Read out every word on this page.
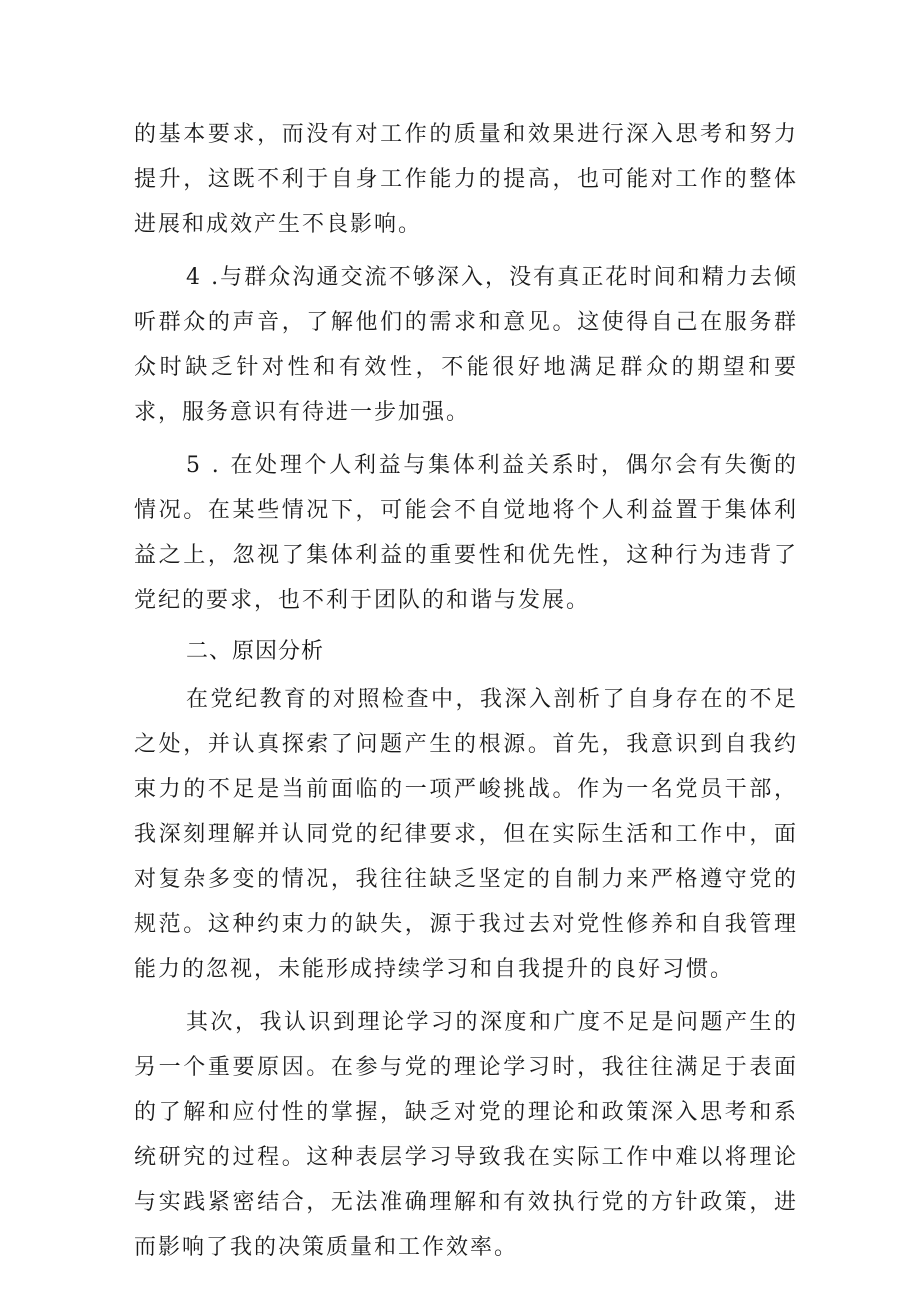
的基本要求，而没有对工作的质量和效果进行深入思考和努力提升，这既不利于自身工作能力的提高，也可能对工作的整体进展和成效产生不良影响。

4 .与群众沟通交流不够深入，没有真正花时间和精力去倾听群众的声音，了解他们的需求和意见。这使得自己在服务群众时缺乏针对性和有效性，不能很好地满足群众的期望和要求，服务意识有待进一步加强。

5 . 在处理个人利益与集体利益关系时，偶尔会有失衡的情况。在某些情况下，可能会不自觉地将个人利益置于集体利益之上，忽视了集体利益的重要性和优先性，这种行为违背了党纪的要求，也不利于团队的和谐与发展。

二、原因分析

在党纪教育的对照检查中，我深入剖析了自身存在的不足之处，并认真探索了问题产生的根源。首先，我意识到自我约束力的不足是当前面临的一项严峻挑战。作为一名党员干部，我深刻理解并认同党的纪律要求，但在实际生活和工作中，面对复杂多变的情况，我往往缺乏坚定的自制力来严格遵守党的规范。这种约束力的缺失，源于我过去对党性修养和自我管理能力的忽视，未能形成持续学习和自我提升的良好习惯。

其次，我认识到理论学习的深度和广度不足是问题产生的另一个重要原因。在参与党的理论学习时，我往往满足于表面的了解和应付性的掌握，缺乏对党的理论和政策深入思考和系统研究的过程。这种表层学习导致我在实际工作中难以将理论与实践紧密结合，无法准确理解和有效执行党的方针政策，进而影响了我的决策质量和工作效率。
